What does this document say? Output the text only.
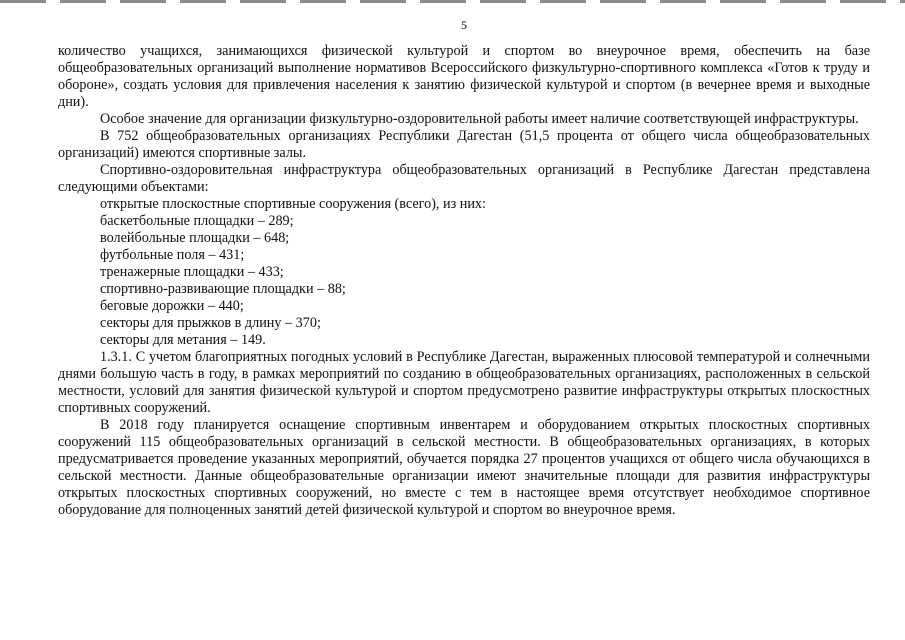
5

количество учащихся, занимающихся физической культурой и спортом во внеурочное время, обеспечить на базе общеобразовательных организаций выполнение нормативов Всероссийского физкультурно-спортивного комплекса «Готов к труду и обороне», создать условия для привлечения населения к занятию физической культурой и спортом (в вечернее время и выходные дни).

Особое значение для организации физкультурно-оздоровительной работы имеет наличие соответствующей инфраструктуры.

В 752 общеобразовательных организациях Республики Дагестан (51,5 процента от общего числа общеобразовательных организаций) имеются спортивные залы.

Спортивно-оздоровительная инфраструктура общеобразовательных организаций в Республике Дагестан представлена следующими объектами:

открытые плоскостные спортивные сооружения (всего), из них:

баскетбольные площадки – 289;

волейбольные площадки – 648;

футбольные поля – 431;

тренажерные площадки – 433;

спортивно-развивающие площадки – 88;

беговые дорожки – 440;

секторы для прыжков в длину – 370;

секторы для метания – 149.

1.3.1. С учетом благоприятных погодных условий в Республике Дагестан, выраженных плюсовой температурой и солнечными днями большую часть в году, в рамках мероприятий по созданию в общеобразовательных организациях, расположенных в сельской местности, условий для занятия физической культурой и спортом предусмотрено развитие инфраструктуры открытых плоскостных спортивных сооружений.

В 2018 году планируется оснащение спортивным инвентарем и оборудованием открытых плоскостных спортивных сооружений 115 общеобразовательных организаций в сельской местности. В общеобразовательных организациях, в которых предусматривается проведение указанных мероприятий, обучается порядка 27 процентов учащихся от общего числа обучающихся в сельской местности. Данные общеобразовательные организации имеют значительные площади для развития инфраструктуры открытых плоскостных спортивных сооружений, но вместе с тем в настоящее время отсутствует необходимое спортивное оборудование для полноценных занятий детей физической культурой и спортом во внеурочное время.
